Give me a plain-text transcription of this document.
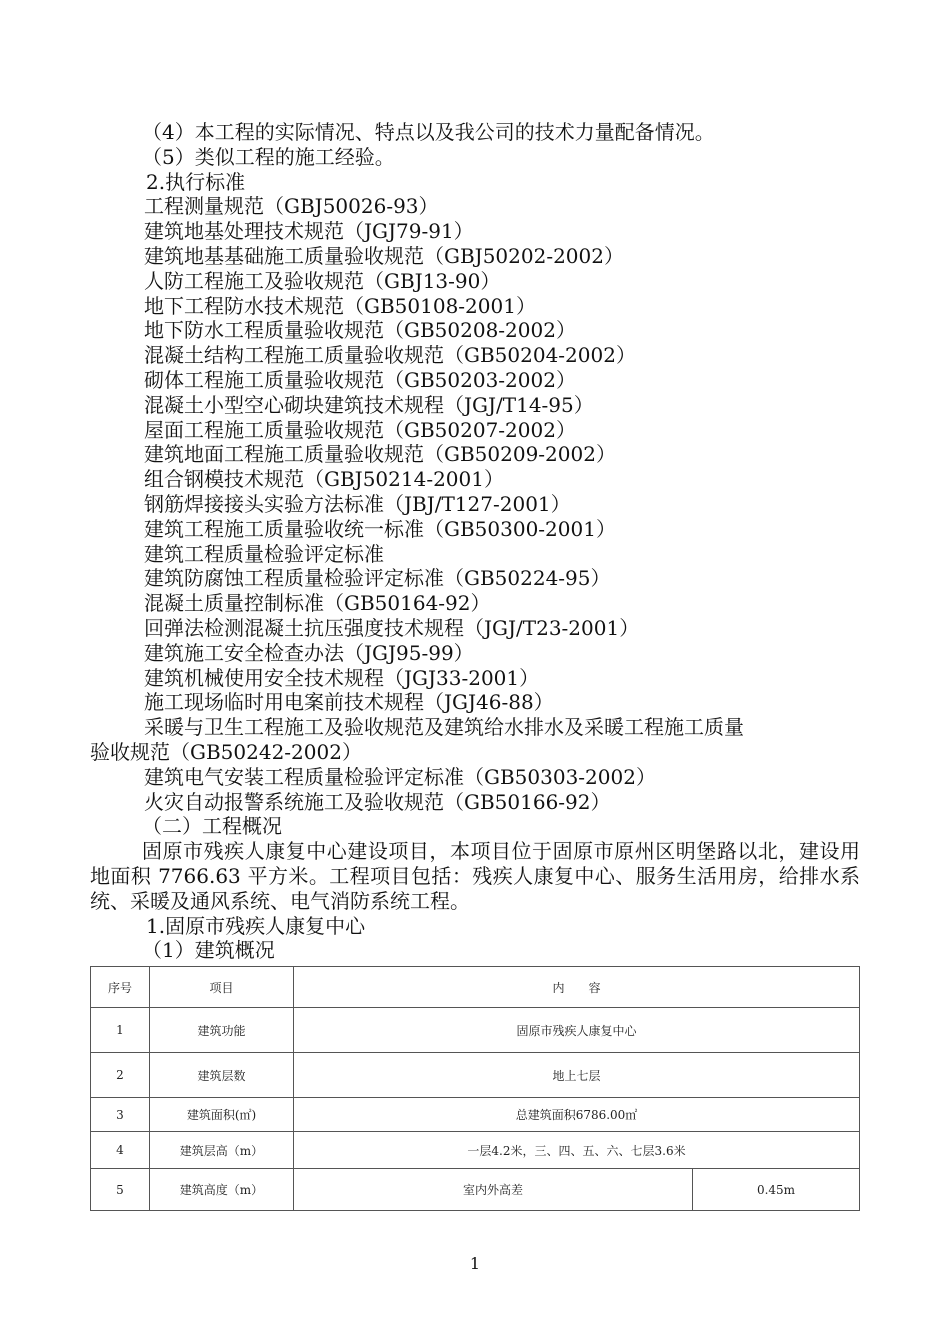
（4）本工程的实际情况、特点以及我公司的技术力量配备情况。
（5）类似工程的施工经验。
2.执行标准
工程测量规范（GBJ50026-93）
建筑地基处理技术规范（JGJ79-91）
建筑地基基础施工质量验收规范（GBJ50202-2002）
人防工程施工及验收规范（GBJ13-90）
地下工程防水技术规范（GB50108-2001）
地下防水工程质量验收规范（GB50208-2002）
混凝土结构工程施工质量验收规范（GB50204-2002）
砌体工程施工质量验收规范（GB50203-2002）
混凝土小型空心砌块建筑技术规程（JGJ/T14-95）
屋面工程施工质量验收规范（GB50207-2002）
建筑地面工程施工质量验收规范（GB50209-2002）
组合钢模技术规范（GBJ50214-2001）
钢筋焊接接头实验方法标准（JBJ/T127-2001）
建筑工程施工质量验收统一标准（GB50300-2001）
建筑工程质量检验评定标准
建筑防腐蚀工程质量检验评定标准（GB50224-95）
混凝土质量控制标准（GB50164-92）
回弹法检测混凝土抗压强度技术规程（JGJ/T23-2001）
建筑施工安全检查办法（JGJ95-99）
建筑机械使用安全技术规程（JGJ33-2001）
施工现场临时用电案前技术规程（JGJ46-88）
采暖与卫生工程施工及验收规范及建筑给水排水及采暖工程施工质量
验收规范（GB50242-2002）
建筑电气安装工程质量检验评定标准（GB50303-2002）
火灾自动报警系统施工及验收规范（GB50166-92）
（二）工程概况
固原市残疾人康复中心建设项目，本项目位于固原市原州区明堡路以北，建设用地面积 7766.63 平方米。工程项目包括：残疾人康复中心、服务生活用房，给排水系统、采暖及通风系统、电气消防系统工程。
1.固原市残疾人康复中心
（1）建筑概况
序号	项目	内　　容	
1	建筑功能	固原市残疾人康复中心	
2	建筑层数	地上七层	
3	建筑面积(㎡)	总建筑面积6786.00㎡	
4	建筑层高（m）	一层4.2米，三、四、五、六、七层3.6米	
5	建筑高度（m）	室内外高差	0.45m
1
